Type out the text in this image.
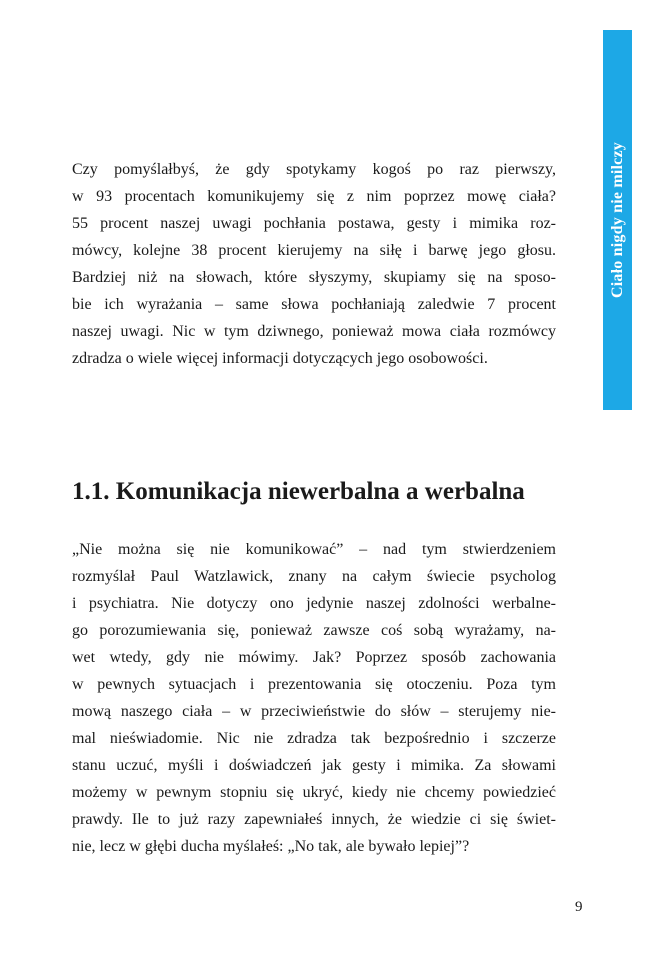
Ciało nigdy nie milczy
Czy pomyślałbyś, że gdy spotykamy kogoś po raz pierwszy,
w 93 procentach komunikujemy się z nim poprzez mowę ciała?
55 procent naszej uwagi pochłania postawa, gesty i mimika roz-
mówcy, kolejne 38 procent kierujemy na siłę i barwę jego głosu.
Bardziej niż na słowach, które słyszymy, skupiamy się na sposo-
bie ich wyrażania – same słowa pochłaniają zaledwie 7 procent
naszej uwagi. Nic w tym dziwnego, ponieważ mowa ciała rozmówcy
zdradza o wiele więcej informacji dotyczących jego osobowości.
1.1. Komunikacja niewerbalna a werbalna
„Nie można się nie komunikować” – nad tym stwierdzeniem
rozmyślał Paul Watzlawick, znany na całym świecie psycholog
i psychiatra. Nie dotyczy ono jedynie naszej zdolności werbalne-
go porozumiewania się, ponieważ zawsze coś sobą wyrażamy, na-
wet wtedy, gdy nie mówimy. Jak? Poprzez sposób zachowania
w pewnych sytuacjach i prezentowania się otoczeniu. Poza tym
mową naszego ciała – w przeciwieństwie do słów – sterujemy nie-
mal nieświadomie. Nic nie zdradza tak bezpośrednio i szczerze
stanu uczuć, myśli i doświadczeń jak gesty i mimika. Za słowami
możemy w pewnym stopniu się ukryć, kiedy nie chcemy powiedzieć
prawdy. Ile to już razy zapewniałeś innych, że wiedzie ci się świet-
nie, lecz w głębi ducha myślałeś: „No tak, ale bywało lepiej”?
9
